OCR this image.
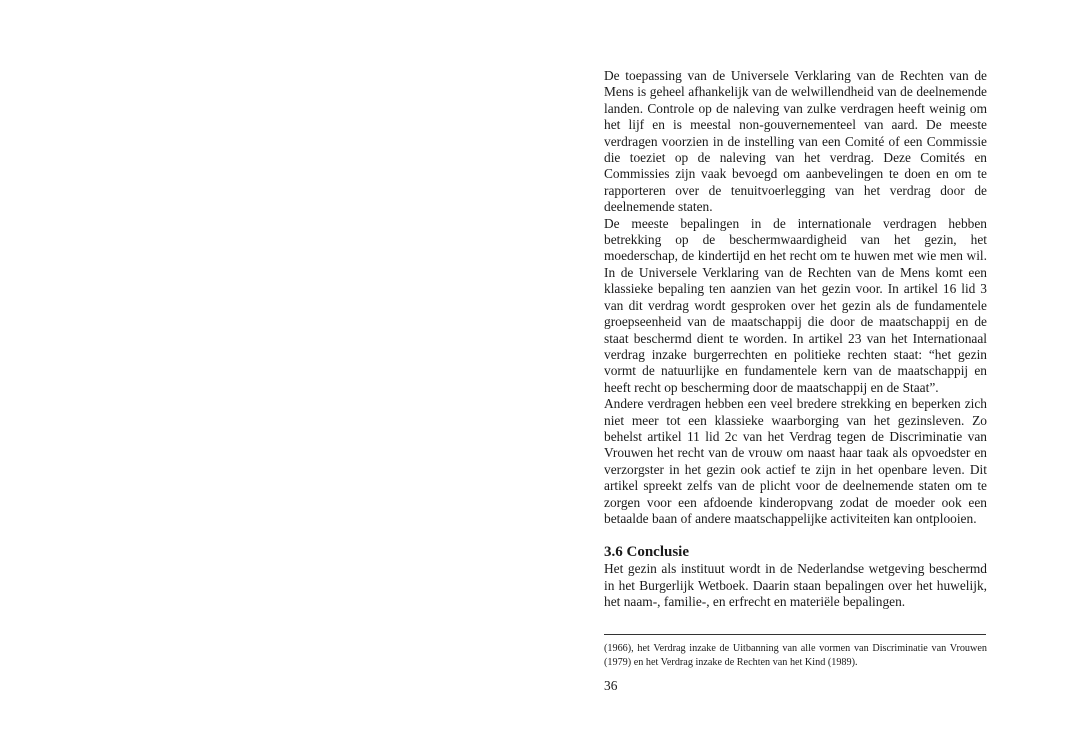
De toepassing van de Universele Verklaring van de Rechten van de Mens is geheel afhankelijk van de welwillendheid van de deelnemende landen. Controle op de naleving van zulke verdragen heeft weinig om het lijf en is meestal non-gouvernementeel van aard. De meeste verdragen voorzien in de instelling van een Comité of een Commissie die toeziet op de naleving van het verdrag. Deze Comités en Commissies zijn vaak bevoegd om aanbevelingen te doen en om te rapporteren over de tenuitvoerlegging van het verdrag door de deelnemende staten.

De meeste bepalingen in de internationale verdragen hebben betrekking op de beschermwaardigheid van het gezin, het moederschap, de kindertijd en het recht om te huwen met wie men wil. In de Universele Verklaring van de Rechten van de Mens komt een klassieke bepaling ten aanzien van het gezin voor. In artikel 16 lid 3 van dit verdrag wordt gesproken over het gezin als de fundamentele groepseenheid van de maatschappij die door de maatschappij en de staat beschermd dient te worden. In artikel 23 van het Internationaal verdrag inzake burgerrechten en politieke rechten staat: “het gezin vormt de natuurlijke en fundamentele kern van de maatschappij en heeft recht op bescherming door de maatschappij en de Staat”.

Andere verdragen hebben een veel bredere strekking en beperken zich niet meer tot een klassieke waarborging van het gezinsleven. Zo behelst artikel 11 lid 2c van het Verdrag tegen de Discriminatie van Vrouwen het recht van de vrouw om naast haar taak als opvoedster en verzorgster in het gezin ook actief te zijn in het openbare leven. Dit artikel spreekt zelfs van de plicht voor de deelnemende staten om te zorgen voor een afdoende kinderopvang zodat de moeder ook een betaalde baan of andere maatschappelijke activiteiten kan ontplooien.

3.6 Conclusie

Het gezin als instituut wordt in de Nederlandse wetgeving beschermd in het Burgerlijk Wetboek. Daarin staan bepalingen over het huwelijk, het naam-, familie-, en erfrecht en materiële bepalingen.

(1966), het Verdrag inzake de Uitbanning van alle vormen van Discriminatie van Vrouwen (1979) en het Verdrag inzake de Rechten van het Kind (1989).

36
